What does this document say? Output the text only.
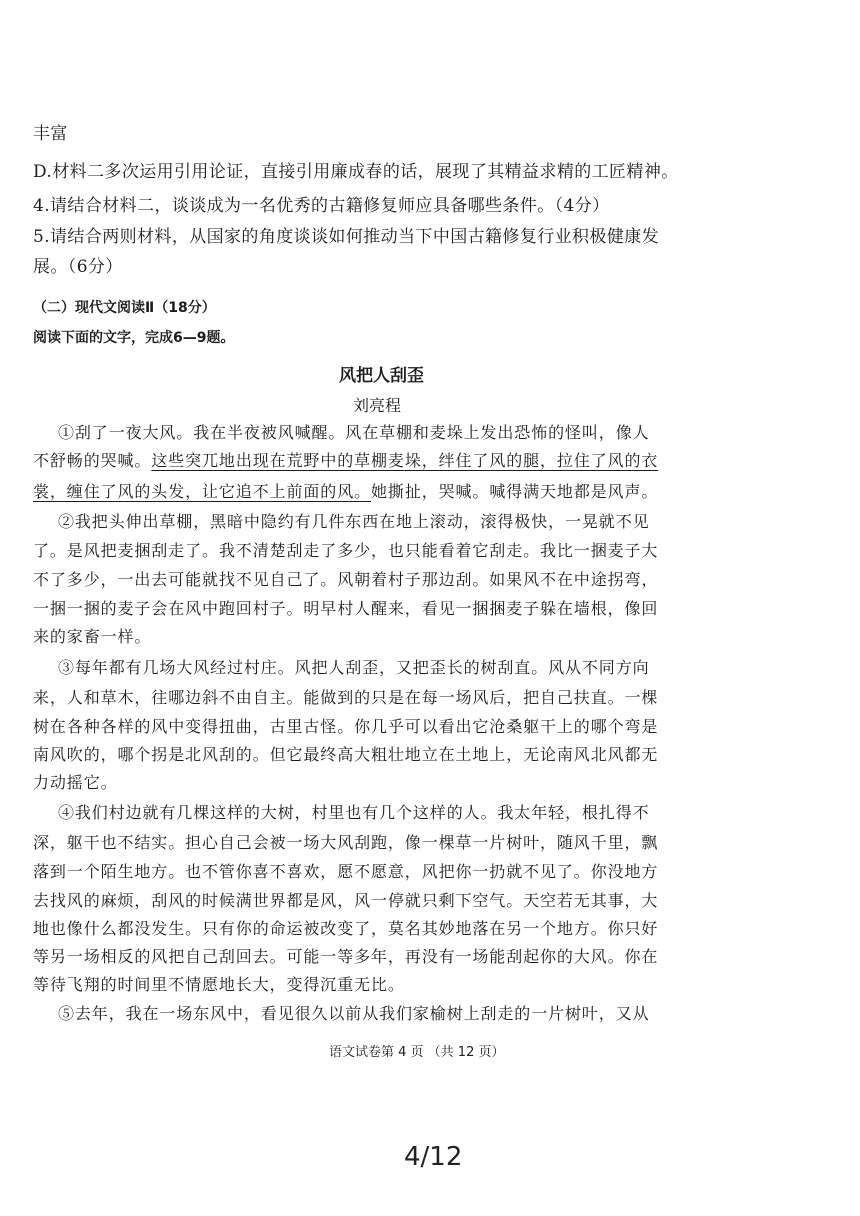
丰富

D.材料二多次运用引用论证，直接引用廉成春的话，展现了其精益求精的工匠精神。

4.请结合材料二，谈谈成为一名优秀的古籍修复师应具备哪些条件。（4分）

5.请结合两则材料，从国家的角度谈谈如何推动当下中国古籍修复行业积极健康发

展。（6分）

（二）现代文阅读Ⅱ（18分）

阅读下面的文字，完成6—9题。

风把人刮歪

刘亮程

①刮了一夜大风。我在半夜被风喊醒。风在草棚和麦垛上发出恐怖的怪叫，像人

不舒畅的哭喊。这些突兀地出现在荒野中的草棚麦垛，绊住了风的腿，拉住了风的衣

裳，缠住了风的头发，让它追不上前面的风。她撕扯，哭喊。喊得满天地都是风声。

②我把头伸出草棚，黑暗中隐约有几件东西在地上滚动，滚得极快，一晃就不见

了。是风把麦捆刮走了。我不清楚刮走了多少，也只能看着它刮走。我比一捆麦子大

不了多少，一出去可能就找不见自己了。风朝着村子那边刮。如果风不在中途拐弯，

一捆一捆的麦子会在风中跑回村子。明早村人醒来，看见一捆捆麦子躲在墙根，像回

来的家畜一样。

③每年都有几场大风经过村庄。风把人刮歪，又把歪长的树刮直。风从不同方向

来，人和草木，往哪边斜不由自主。能做到的只是在每一场风后，把自己扶直。一棵

树在各种各样的风中变得扭曲，古里古怪。你几乎可以看出它沧桑躯干上的哪个弯是

南风吹的，哪个拐是北风刮的。但它最终高大粗壮地立在土地上，无论南风北风都无

力动摇它。

④我们村边就有几棵这样的大树，村里也有几个这样的人。我太年轻，根扎得不

深，躯干也不结实。担心自己会被一场大风刮跑，像一棵草一片树叶，随风千里，飘

落到一个陌生地方。也不管你喜不喜欢，愿不愿意，风把你一扔就不见了。你没地方

去找风的麻烦，刮风的时候满世界都是风，风一停就只剩下空气。天空若无其事，大

地也像什么都没发生。只有你的命运被改变了，莫名其妙地落在另一个地方。你只好

等另一场相反的风把自己刮回去。可能一等多年，再没有一场能刮起你的大风。你在

等待飞翔的时间里不情愿地长大，变得沉重无比。

⑤去年，我在一场东风中，看见很久以前从我们家榆树上刮走的一片树叶，又从

语文试卷第 4 页 （共 12 页）

4/12
